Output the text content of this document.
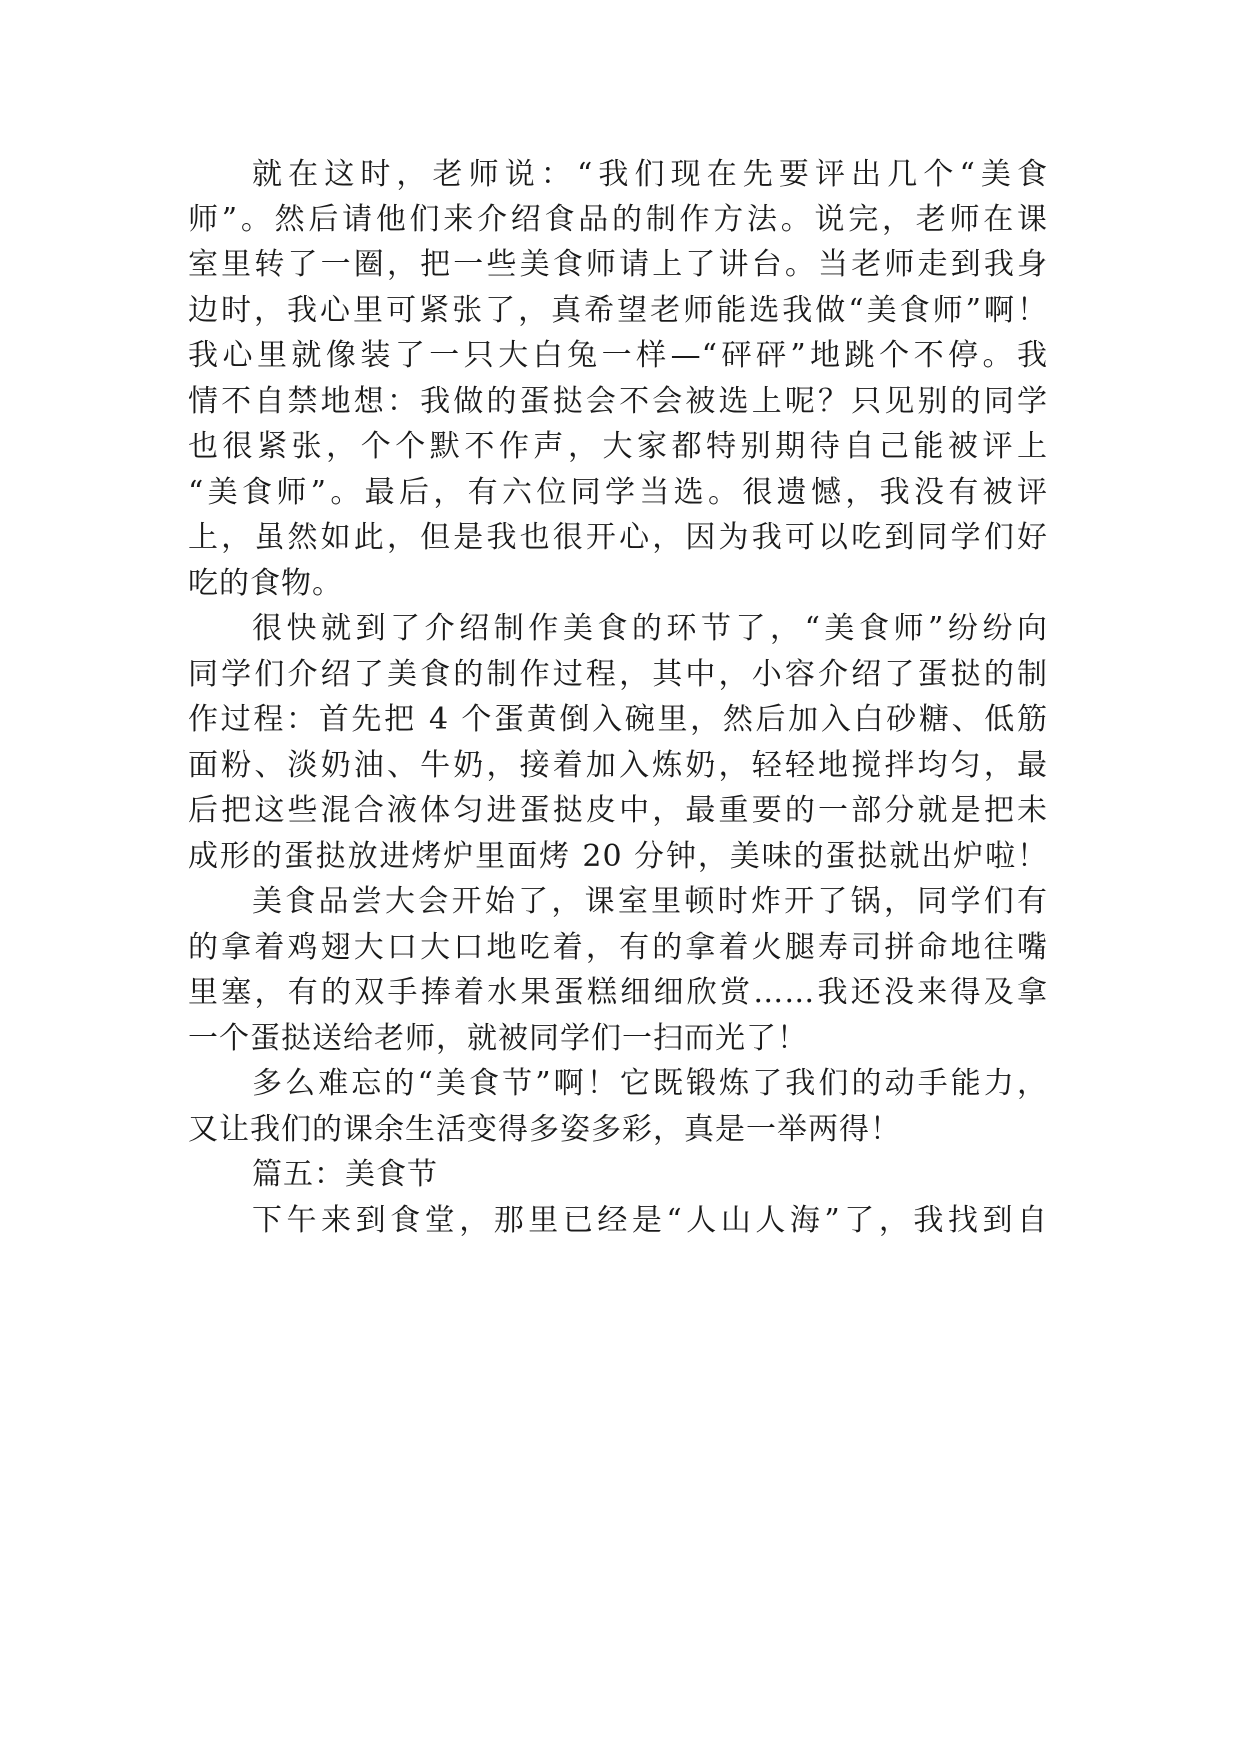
就在这时，老师说：“我们现在先要评出几个“美食
师”。然后请他们来介绍食品的制作方法。说完，老师在课
室里转了一圈，把一些美食师请上了讲台。当老师走到我身
边时，我心里可紧张了，真希望老师能选我做“美食师”啊！
我心里就像装了一只大白兔一样—“砰砰”地跳个不停。我
情不自禁地想：我做的蛋挞会不会被选上呢？只见别的同学
也很紧张，个个默不作声，大家都特别期待自己能被评上
“美食师”。最后，有六位同学当选。很遗憾，我没有被评
上，虽然如此，但是我也很开心，因为我可以吃到同学们好
吃的食物。
很快就到了介绍制作美食的环节了，“美食师”纷纷向
同学们介绍了美食的制作过程，其中，小容介绍了蛋挞的制
作过程：首先把 4 个蛋黄倒入碗里，然后加入白砂糖、低筋
面粉、淡奶油、牛奶，接着加入炼奶，轻轻地搅拌均匀，最
后把这些混合液体匀进蛋挞皮中，最重要的一部分就是把未
成形的蛋挞放进烤炉里面烤 20 分钟，美味的蛋挞就出炉啦！
美食品尝大会开始了，课室里顿时炸开了锅，同学们有
的拿着鸡翅大口大口地吃着，有的拿着火腿寿司拼命地往嘴
里塞，有的双手捧着水果蛋糕细细欣赏……我还没来得及拿
一个蛋挞送给老师，就被同学们一扫而光了！
多么难忘的“美食节”啊！它既锻炼了我们的动手能力，
又让我们的课余生活变得多姿多彩，真是一举两得！
篇五：美食节
下午来到食堂，那里已经是“人山人海”了，我找到自
